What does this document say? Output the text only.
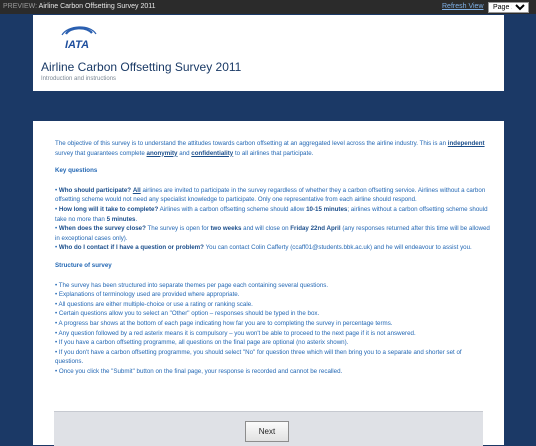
PREVIEW: Airline Carbon Offsetting Survey 2011	Refresh View
Page 1
IATA
Airline Carbon Offsetting Survey 2011
Introduction and instructions

The objective of this survey is to understand the attitudes towards carbon offsetting at an aggregated level across the airline industry. This is an independent survey that guarantees complete anonymity and confidentiality to all airlines that participate.

Key questions

• Who should participate? All airlines are invited to participate in the survey regardless of whether they a carbon offsetting service. Airlines without a carbon offsetting scheme would not need any specialist knowledge to participate. Only one representative from each airline should respond.

• How long will it take to complete? Airlines with a carbon offsetting scheme should allow 10-15 minutes; airlines without a carbon offsetting scheme should take no more than 5 minutes.

• When does the survey close? The survey is open for two weeks and will close on Friday 22nd April (any responses returned after this time will be allowed in exceptional cases only).

• Who do I contact if I have a question or problem? You can contact Colin Cafferty (ccaff01@students.bbk.ac.uk) and he will endeavour to assist you.

Structure of survey

• The survey has been structured into separate themes per page each containing several questions.

• Explanations of terminology used are provided where appropriate.

• All questions are either multiple-choice or use a rating or ranking scale.

• Certain questions allow you to select an "Other" option – responses should be typed in the box.

• A progress bar shows at the bottom of each page indicating how far you are to completing the survey in percentage terms.

• Any question followed by a red asterix means it is compulsory – you won't be able to proceed to the next page if it is not answered.

• If you have a carbon offsetting programme, all questions on the final page are optional (no asterix shown).

• If you don't have a carbon offsetting programme, you should select "No" for question three which will then bring you to a separate and shorter set of questions.

• Once you click the "Submit" button on the final page, your response is recorded and cannot be recalled.

Next
